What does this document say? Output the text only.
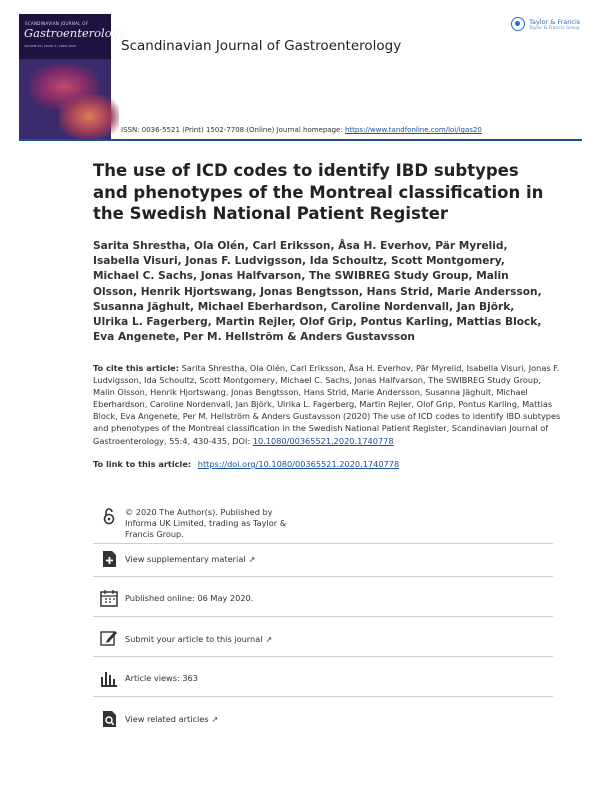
SCANDINAVIAN JOURNAL OF
Gastroenterology
VOLUME 55 | ISSUE 4 | APRIL 2020	Scandinavian Journal of Gastroenterology
Taylor & Francis
Taylor & Francis Group
ISSN: 0036-5521 (Print) 1502-7708 (Online) Journal homepage: https://www.tandfonline.com/loi/igas20
The use of ICD codes to identify IBD subtypes and phenotypes of the Montreal classification in the Swedish National Patient Register
Sarita Shrestha, Ola Olén, Carl Eriksson, Åsa H. Everhov, Pär Myrelid, Isabella Visuri, Jonas F. Ludvigsson, Ida Schoultz, Scott Montgomery, Michael C. Sachs, Jonas Halfvarson, The SWIBREG Study Group, Malin Olsson, Henrik Hjortswang, Jonas Bengtsson, Hans Strid, Marie Andersson, Susanna Jäghult, Michael Eberhardson, Caroline Nordenvall, Jan Björk, Ulrika L. Fagerberg, Martin Rejler, Olof Grip, Pontus Karling, Mattias Block, Eva Angenete, Per M. Hellström & Anders Gustavsson
To cite this article: Sarita Shrestha, Ola Olén, Carl Eriksson, Åsa H. Everhov, Pär Myrelid, Isabella Visuri, Jonas F. Ludvigsson, Ida Schoultz, Scott Montgomery, Michael C. Sachs, Jonas Halfvarson, The SWIBREG Study Group, Malin Olsson, Henrik Hjortswang, Jonas Bengtsson, Hans Strid, Marie Andersson, Susanna Jäghult, Michael Eberhardson, Caroline Nordenvall, Jan Björk, Ulrika L. Fagerberg, Martin Rejler, Olof Grip, Pontus Karling, Mattias Block, Eva Angenete, Per M. Hellström & Anders Gustavsson (2020) The use of ICD codes to identify IBD subtypes and phenotypes of the Montreal classification in the Swedish National Patient Register, Scandinavian Journal of Gastroenterology, 55:4, 430-435, DOI: 10.1080/00365521.2020.1740778
To link to this article: https://doi.org/10.1080/00365521.2020.1740778
© 2020 The Author(s). Published by Informa UK Limited, trading as Taylor & Francis Group.
View supplementary material ↗
Published online: 06 May 2020.
Submit your article to this journal ↗
Article views: 363
View related articles ↗
